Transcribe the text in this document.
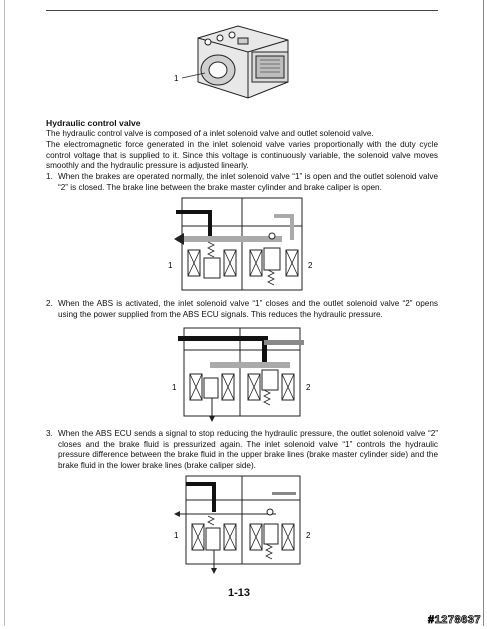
1
Hydraulic control valve
The hydraulic control valve is composed of a inlet solenoid valve and outlet solenoid valve.
The electromagnetic force generated in the inlet solenoid valve varies proportionally with the duty cycle control voltage that is supplied to it. Since this voltage is continuously variable, the solenoid valve moves smoothly and the hydraulic pressure is adjusted linearly.
1. When the brakes are operated normally, the inlet solenoid valve “1” is open and the outlet solenoid valve “2” is closed. The brake line between the brake master cylinder and brake caliper is open.
1	2
2. When the ABS is activated, the inlet solenoid valve “1” closes and the outlet solenoid valve “2” opens using the power supplied from the ABS ECU signals. This reduces the hydraulic pressure.
1	2
3. When the ABS ECU sends a signal to stop reducing the hydraulic pressure, the outlet solenoid valve “2” closes and the brake fluid is pressurized again. The inlet solenoid valve “1” controls the hydraulic pressure difference between the brake fluid in the upper brake lines (brake master cylinder side) and the brake fluid in the lower brake lines (brake caliper side).
1	2
1-13
#1278637
